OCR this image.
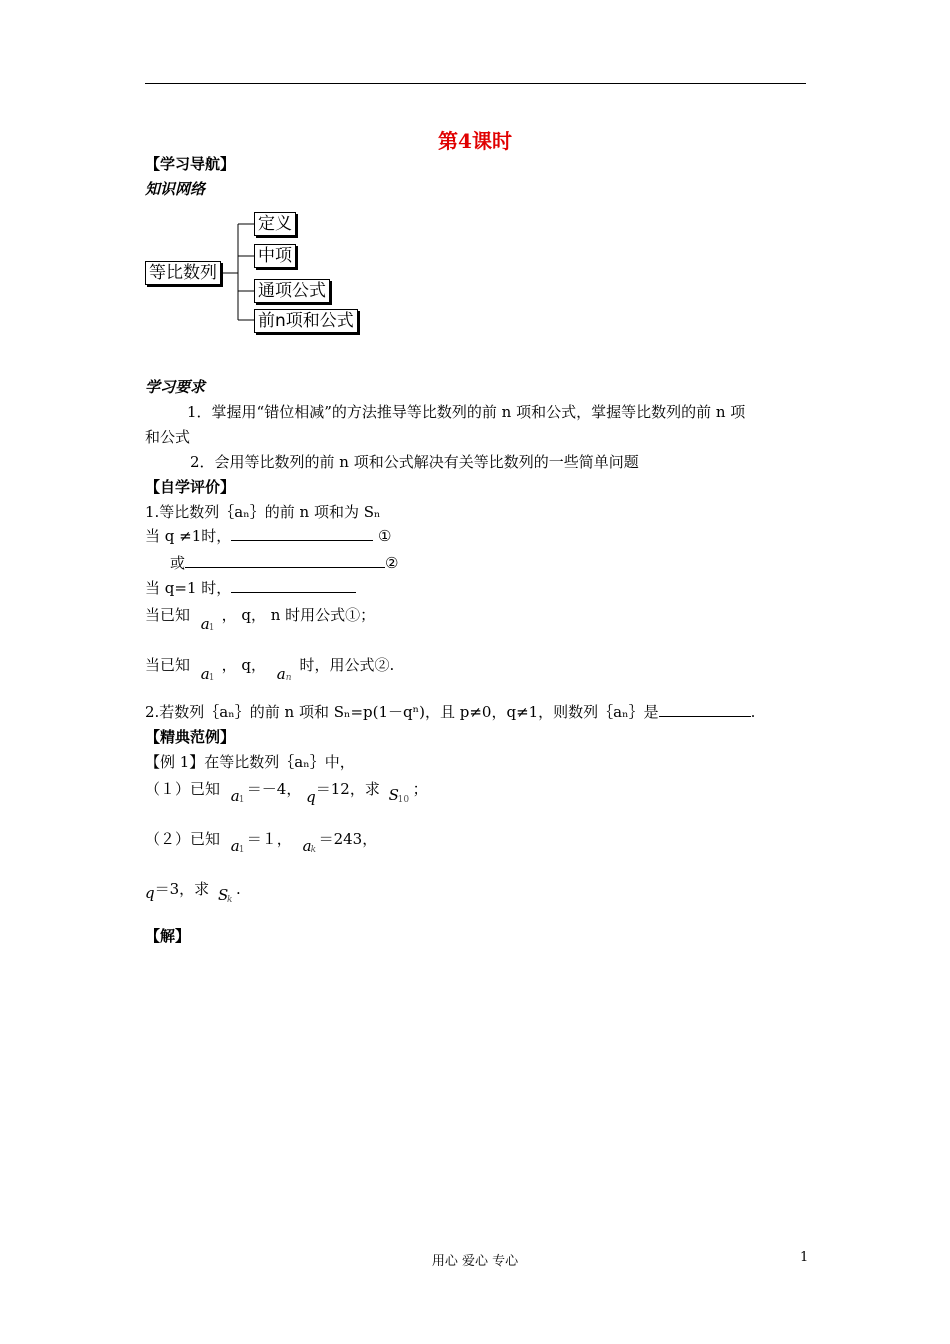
第4课时
【学习导航】
知识网络
等比数列
定义
中项
通项公式
前n项和公式
学习要求
1．掌握用“错位相减”的方法推导等比数列的前 n 项和公式，掌握等比数列的前 n 项
和公式
2．会用等比数列的前 n 项和公式解决有关等比数列的一些简单问题
【自学评价】
1.等比数列｛aₙ｝的前 n 项和为 Sₙ
当 q ≠1时，	①
或	②
当 q=1 时，
当已知 a 1
， q， n 时用公式①；
当已知 a 1
， q， a n
时，用公式②.
2.若数列｛aₙ｝的前 n 项和 Sₙ=p(1－qⁿ)，且 p≠0，q≠1，则数列｛aₙ｝是	.
【精典范例】
【例 1】在等比数列｛aₙ｝中，
（１）已知 a 1
＝－4， q＝12，求 S
10
；
（２）已知 a 1
＝１， a k
＝243，
q＝3，求 S
k
.
【解】
用心 爱心 专心	1
